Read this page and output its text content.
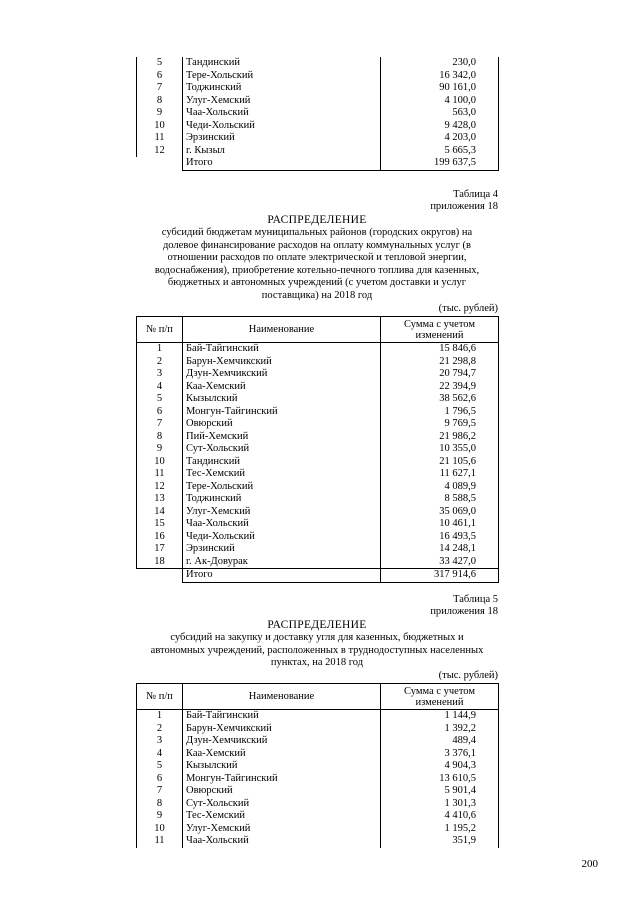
5	Тандинский	230,0
6	Тере-Хольский	16 342,0
7	Тоджинский	90 161,0
8	Улуг-Хемский	4 100,0
9	Чаа-Хольский	563,0
10	Чеди-Хольский	9 428,0
11	Эрзинский	4 203,0
12	г. Кызыл	5 665,3
	Итого	199 637,5
Таблица 4
приложения 18
РАСПРЕДЕЛЕНИЕ
субсидий бюджетам муниципальных районов (городских округов) на
долевое финансирование расходов на оплату коммунальных услуг (в
отношении расходов по оплате электрической и тепловой энергии,
водоснабжения), приобретение котельно-печного топлива для казенных,
бюджетных и автономных учреждений (с учетом доставки и услуг
поставщика) на 2018 год
(тыс. рублей)
№ п/п	Наименование	Сумма с учетом
изменений
1	Бай-Тайгинский	15 846,6
2	Барун-Хемчикский	21 298,8
3	Дзун-Хемчикский	20 794,7
4	Каа-Хемский	22 394,9
5	Кызылский	38 562,6
6	Монгун-Тайгинский	1 796,5
7	Овюрский	9 769,5
8	Пий-Хемский	21 986,2
9	Сут-Хольский	10 355,0
10	Тандинский	21 105,6
11	Тес-Хемский	11 627,1
12	Тере-Хольский	4 089,9
13	Тоджинский	8 588,5
14	Улуг-Хемский	35 069,0
15	Чаа-Хольский	10 461,1
16	Чеди-Хольский	16 493,5
17	Эрзинский	14 248,1
18	г. Ак-Довурак	33 427,0
	Итого	317 914,6
Таблица 5
приложения 18
РАСПРЕДЕЛЕНИЕ
субсидий на закупку и доставку угля для казенных, бюджетных и
автономных учреждений, расположенных в труднодоступных населенных
пунктах, на 2018 год
(тыс. рублей)
№ п/п	Наименование	Сумма с учетом
изменений
1	Бай-Тайгинский	1 144,9
2	Барун-Хемчикский	1 392,2
3	Дзун-Хемчикский	489,4
4	Каа-Хемский	3 376,1
5	Кызылский	4 904,3
6	Монгун-Тайгинский	13 610,5
7	Овюрский	5 901,4
8	Сут-Хольский	1 301,3
9	Тес-Хемский	4 410,6
10	Улуг-Хемский	1 195,2
11	Чаа-Хольский	351,9
200
